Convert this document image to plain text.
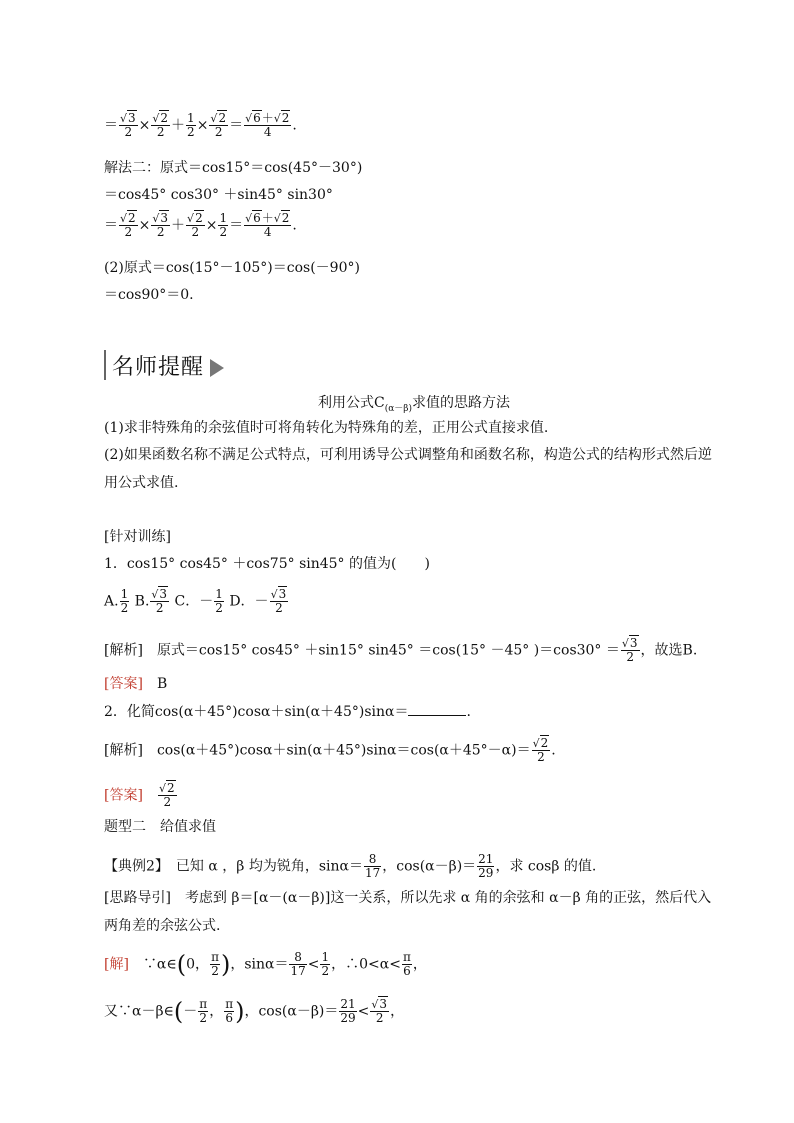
＝ $\frac{√3}{2} \times \frac{√2}{2} + \frac{1}{2} \times \frac{√2}{2} = \frac{√6+√2}{4}$ .
解法二：原式＝cos15°＝cos(45°－30°)
＝cos45° cos30° ＋sin45° sin30°
＝ $\frac{√2}{2} \times \frac{√3}{2} + \frac{√2}{2} \times \frac{1}{2} = \frac{√6+√2}{4}$ .
(2)原式＝cos(15°－105°)＝cos(－90°)
＝cos90°＝0.
名师提醒
利用公式$C_{(\alpha-\beta)}$求值的思路方法
(1)求非特殊角的余弦值时可将角转化为特殊角的差，正用公式直接求值.
(2)如果函数名称不满足公式特点，可利用诱导公式调整角和函数名称，构造公式的结构形式然后逆用公式求值.
[针对训练]
1．cos15° cos45° ＋cos75° sin45° 的值为(　　)
A. $\frac{1}{2} B$. $\frac{√3}{2}$ C．－ $\frac{1}{2}$ D．－ $\frac{√3}{2}$
[解析]　 原式＝cos15° cos45° ＋sin15° sin45° ＝cos(15° －45° )$=\cos 30^\circ = \frac{√3}{2}$ ，故选B.
[答案]　 B
2．化简cos(α＋45°)cosα＋sin(α＋45°)sinα＝	.
[解析]　 $\cos(\alpha+45^\circ)\cos\alpha+\sin(\alpha+45^\circ)\sin\alpha=\cos(\alpha+45^\circ-\alpha)= \frac{√2}{2}$ .
[答案]　 $\frac{√2}{2}$
题型二　给值求值
【典例2】　 已知 α ，β 均为锐角，$\sin\alpha= \frac{8}{17}$ ，$\cos(\alpha-\beta)= \frac{21}{29}$ ，求 cosβ 的值.
[思路导引]　 考虑到 β＝[α－(α－β)]这一关系，所以先求 α 角的余弦和 α－β 角的正弦，然后代入两角差的余弦公式.
[解]　 ∵α∈(0， $\frac{\pi}{2}$ )，$\sin\alpha= \frac{8}{17} < \frac{1}{2}$ ，∴0<α< $\frac{\pi}{6}$ ，
又∵α－β∈(－ $\frac{\pi}{2}$ ， $\frac{\pi}{6}$ )，$\cos(\alpha-\beta)= \frac{21}{29} < \frac{√3}{2}$ ，
